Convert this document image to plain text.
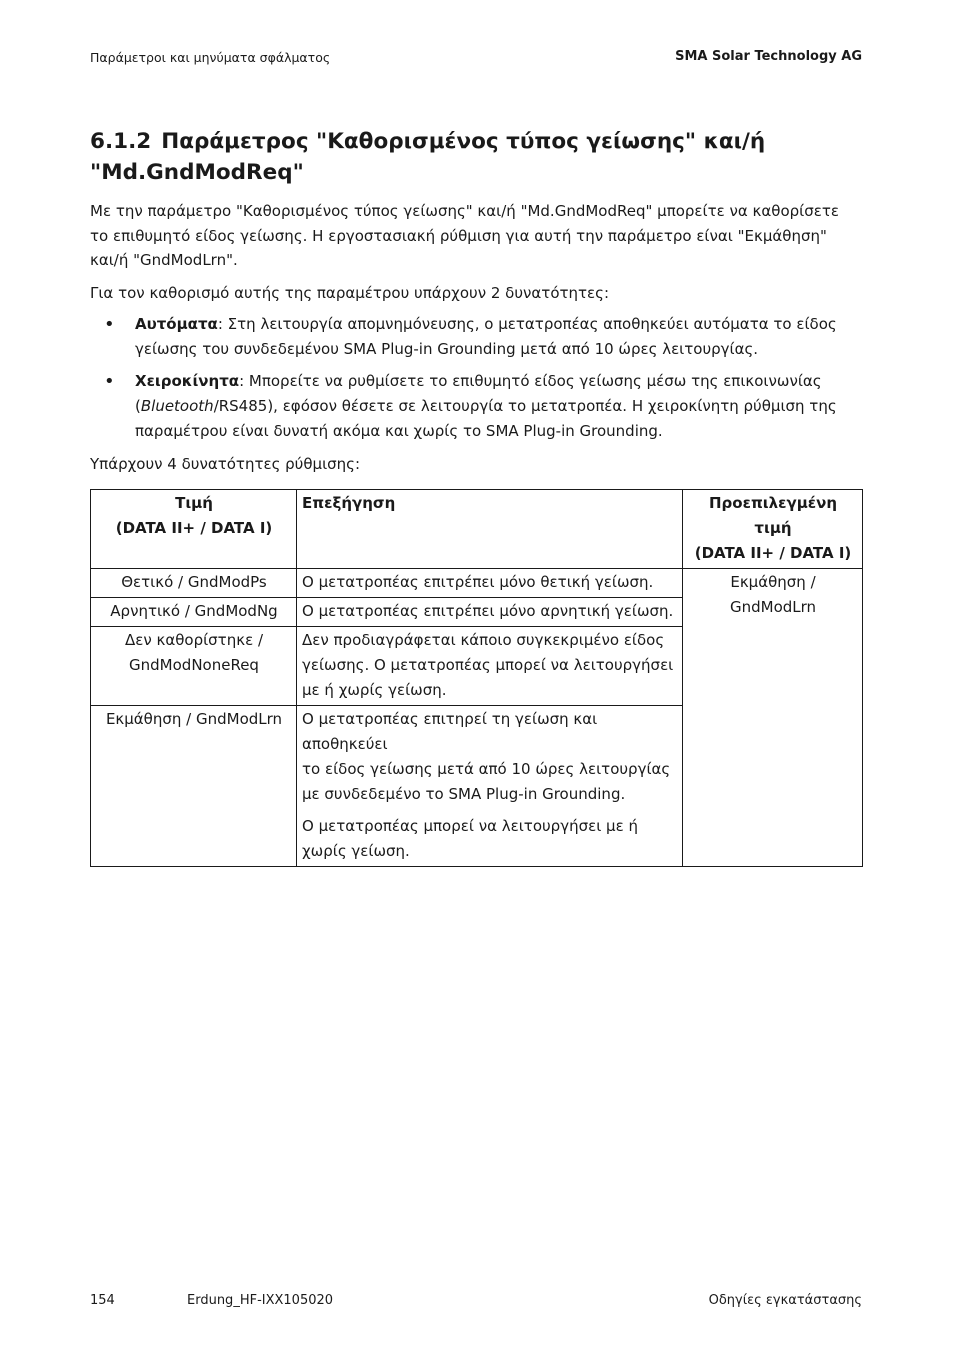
Παράμετροι και μηνύματα σφάλματος	SMA Solar Technology AG
6.1.2 Παράμετρος "Καθορισμένος τύπος γείωσης" και/ή
"Md.GndModReq"

Με την παράμετρο "Καθορισμένος τύπος γείωσης" και/ή "Md.GndModReq" μπορείτε να καθορίσετε
το επιθυμητό είδος γείωσης. Η εργοστασιακή ρύθμιση για αυτή την παράμετρο είναι "Εκμάθηση"
και/ή "GndModLrn".

Για τον καθορισμό αυτής της παραμέτρου υπάρχουν 2 δυνατότητες:

• Αυτόματα: Στη λειτουργία απομνημόνευσης, ο μετατροπέας αποθηκεύει αυτόματα το είδος
γείωσης του συνδεδεμένου SMA Plug-in Grounding μετά από 10 ώρες λειτουργίας.
• Χειροκίνητα: Μπορείτε να ρυθμίσετε το επιθυμητό είδος γείωσης μέσω της επικοινωνίας
(Bluetooth/RS485), εφόσον θέσετε σε λειτουργία το μετατροπέα. Η χειροκίνητη ρύθμιση της
παραμέτρου είναι δυνατή ακόμα και χωρίς το SMA Plug-in Grounding.

Υπάρχουν 4 δυνατότητες ρύθμισης:

Τιμή
(DATA II+ / DATA I)	Επεξήγηση	Προεπιλεγμένη τιμή
(DATA II+ / DATA I)
Θετικό / GndModPs	Ο μετατροπέας επιτρέπει μόνο θετική γείωση.	Εκμάθηση /
GndModLrn
Αρνητικό / GndModNg	Ο μετατροπέας επιτρέπει μόνο αρνητική γείωση.	
Δεν καθορίστηκε /
GndModNoneReq	Δεν προδιαγράφεται κάποιο συγκεκριμένο είδος
γείωσης. Ο μετατροπέας μπορεί να λειτουργήσει
με ή χωρίς γείωση.	
Εκμάθηση / GndModLrn	Ο μετατροπέας επιτηρεί τη γείωση και αποθηκεύει
το είδος γείωσης μετά από 10 ώρες λειτουργίας
με συνδεδεμένο το SMA Plug-in Grounding.
Ο μετατροπέας μπορεί να λειτουργήσει με ή
χωρίς γείωση.	
154	Erdung_HF-IXX105020	Οδηγίες εγκατάστασης
